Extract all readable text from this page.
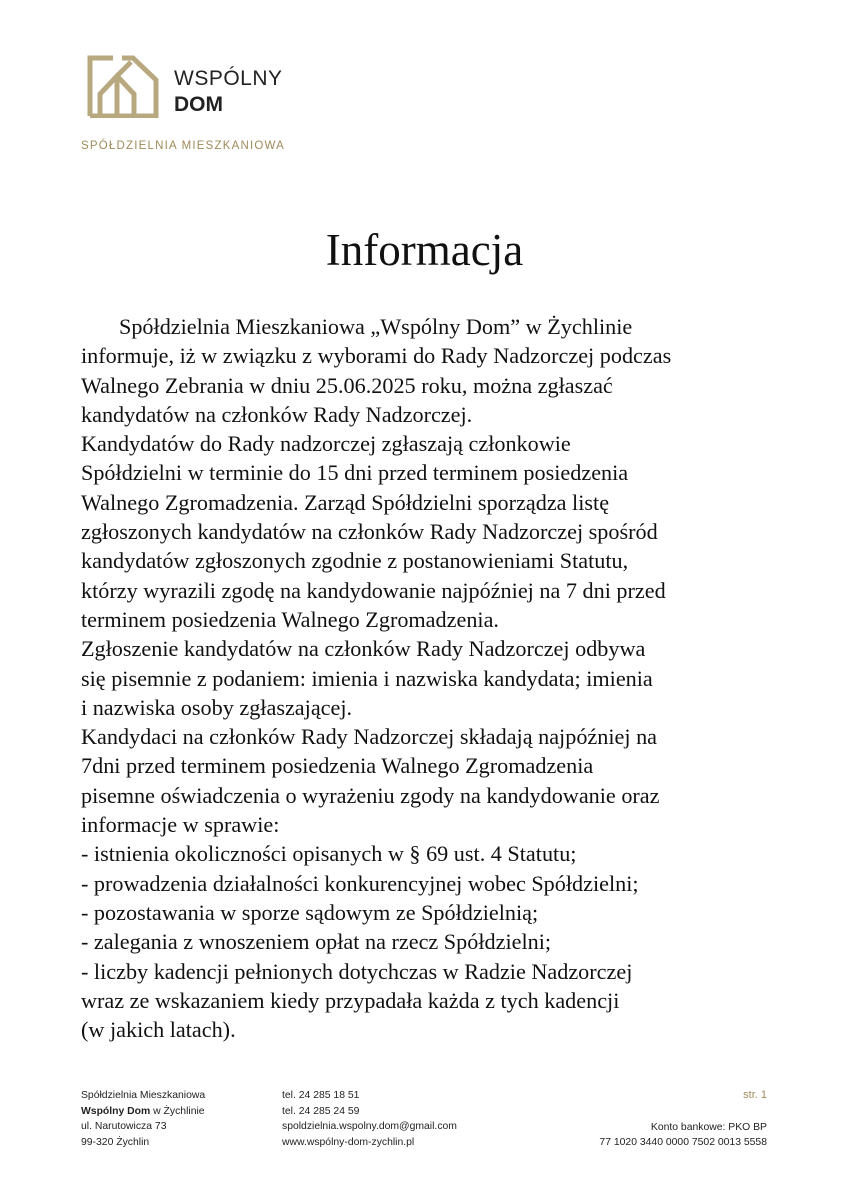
WSPÓLNY
DOM
SPÓŁDZIELNIA MIESZKANIOWA
Informacja

Spółdzielnia Mieszkaniowa „Wspólny Dom” w Żychlinie

informuje, iż w związku z wyborami do Rady Nadzorczej podczas

Walnego Zebrania w dniu 25.06.2025 roku, można zgłaszać

kandydatów na członków Rady Nadzorczej.

Kandydatów do Rady nadzorczej zgłaszają członkowie

Spółdzielni w terminie do 15 dni przed terminem posiedzenia

Walnego Zgromadzenia. Zarząd Spółdzielni sporządza listę

zgłoszonych kandydatów na członków Rady Nadzorczej spośród

kandydatów zgłoszonych zgodnie z postanowieniami Statutu,

którzy wyrazili zgodę na kandydowanie najpóźniej na 7 dni przed

terminem posiedzenia Walnego Zgromadzenia.

Zgłoszenie kandydatów na członków Rady Nadzorczej odbywa

się pisemnie z podaniem: imienia i nazwiska kandydata; imienia

i nazwiska osoby zgłaszającej.

Kandydaci na członków Rady Nadzorczej składają najpóźniej na

7dni przed terminem posiedzenia Walnego Zgromadzenia

pisemne oświadczenia o wyrażeniu zgody na kandydowanie oraz

informacje w sprawie:

- istnienia okoliczności opisanych w § 69 ust. 4 Statutu;

- prowadzenia działalności konkurencyjnej wobec Spółdzielni;

- pozostawania w sporze sądowym ze Spółdzielnią;

- zalegania z wnoszeniem opłat na rzecz Spółdzielni;

- liczby kadencji pełnionych dotychczas w Radzie Nadzorczej

wraz ze wskazaniem kiedy przypadała każda z tych kadencji

(w jakich latach).

Spółdzielnia Mieszkaniowa
Wspólny Dom w Żychlinie
ul. Narutowicza 73
99-320 Żychlin
tel. 24 285 18 51
tel. 24 285 24 59
spoldzielnia.wspolny.dom@gmail.com
www.wspólny-dom-zychlin.pl
str. 1
Konto bankowe: PKO BP
77 1020 3440 0000 7502 0013 5558
